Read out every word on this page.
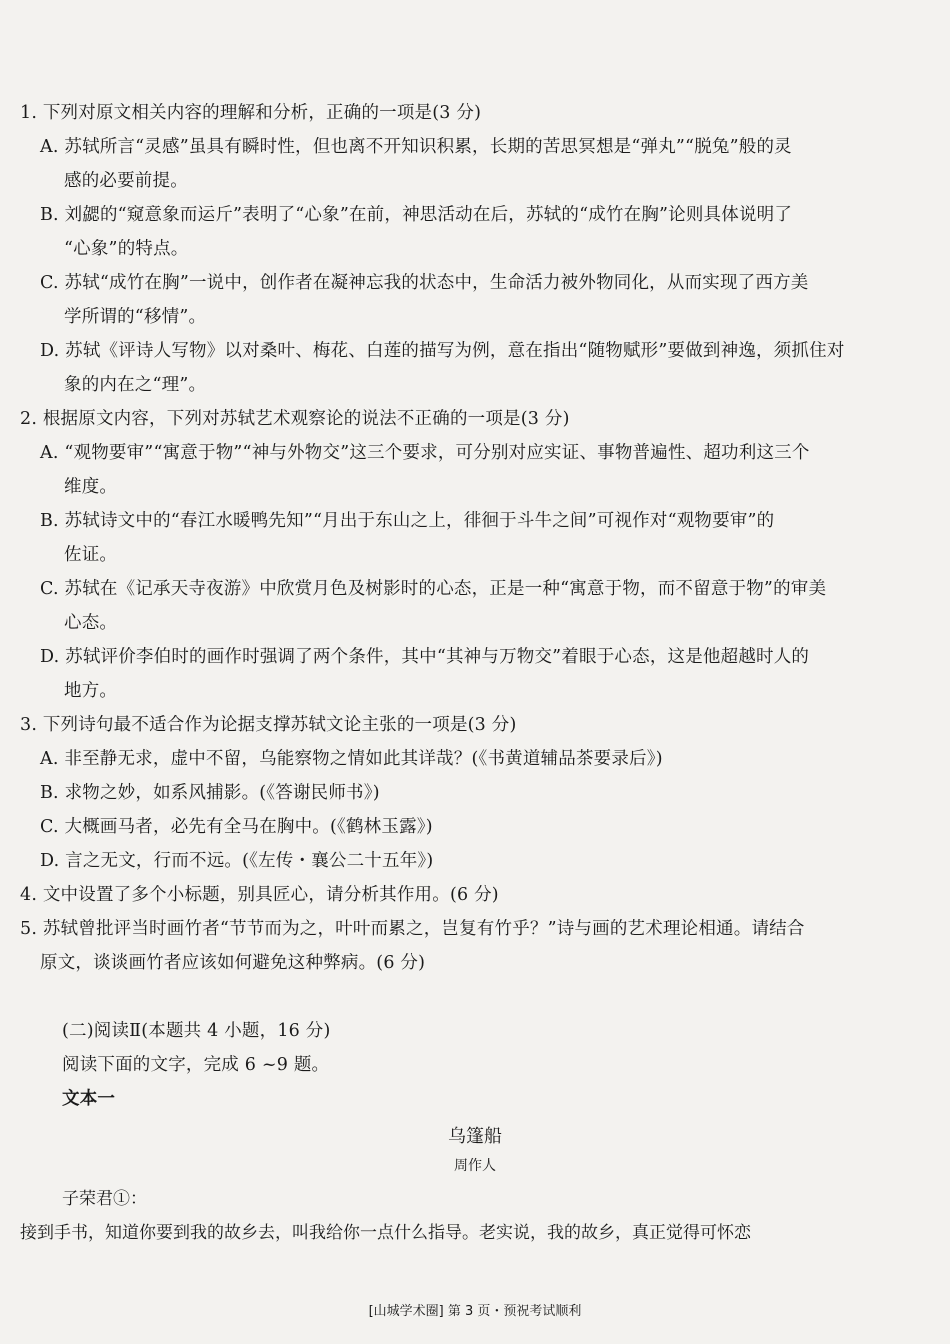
1. 下列对原文相关内容的理解和分析，正确的一项是(3 分)
A. 苏轼所言“灵感”虽具有瞬时性，但也离不开知识积累，长期的苦思冥想是“弹丸”“脱兔”般的灵
感的必要前提。
B. 刘勰的“窥意象而运斤”表明了“心象”在前，神思活动在后，苏轼的“成竹在胸”论则具体说明了
“心象”的特点。
C. 苏轼“成竹在胸”一说中，创作者在凝神忘我的状态中，生命活力被外物同化，从而实现了西方美
学所谓的“移情”。
D. 苏轼《评诗人写物》以对桑叶、梅花、白莲的描写为例，意在指出“随物赋形”要做到神逸，须抓住对
象的内在之“理”。
2. 根据原文内容，下列对苏轼艺术观察论的说法不正确的一项是(3 分)
A. “观物要审”“寓意于物”“神与外物交”这三个要求，可分别对应实证、事物普遍性、超功利这三个
维度。
B. 苏轼诗文中的“春江水暖鸭先知”“月出于东山之上，徘徊于斗牛之间”可视作对“观物要审”的
佐证。
C. 苏轼在《记承天寺夜游》中欣赏月色及树影时的心态，正是一种“寓意于物，而不留意于物”的审美
心态。
D. 苏轼评价李伯时的画作时强调了两个条件，其中“其神与万物交”着眼于心态，这是他超越时人的
地方。
3. 下列诗句最不适合作为论据支撑苏轼文论主张的一项是(3 分)
A. 非至静无求，虚中不留，乌能察物之情如此其详哉？(《书黄道辅品茶要录后》)
B. 求物之妙，如系风捕影。(《答谢民师书》)
C. 大概画马者，必先有全马在胸中。(《鹤林玉露》)
D. 言之无文，行而不远。(《左传・襄公二十五年》)
4. 文中设置了多个小标题，别具匠心，请分析其作用。(6 分)
5. 苏轼曾批评当时画竹者“节节而为之，叶叶而累之，岂复有竹乎？”诗与画的艺术理论相通。请结合
原文，谈谈画竹者应该如何避免这种弊病。(6 分)
(二)阅读Ⅱ(本题共 4 小题，16 分)
阅读下面的文字，完成 6 ~9 题。
文本一
乌篷船
周作人
子荣君①：
接到手书，知道你要到我的故乡去，叫我给你一点什么指导。老实说，我的故乡，真正觉得可怀恋
[山城学术圈] 第 3 页・预祝考试顺利
